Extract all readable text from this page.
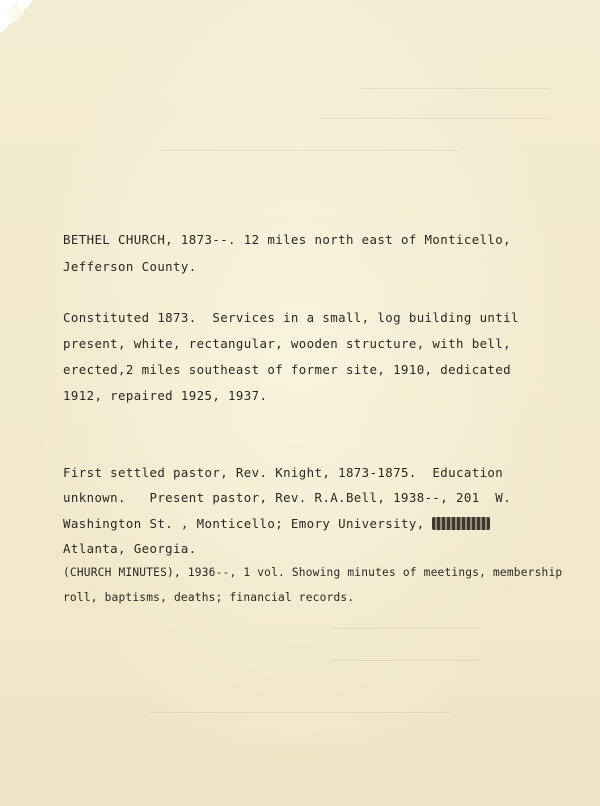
BETHEL CHURCH, 1873--. 12 miles north east of Monticello,

Jefferson County.

Constituted 1873.  Services in a small, log building until

present, white, rectangular, wooden structure, with bell,

erected,2 miles southeast of former site, 1910, dedicated

1912, repaired 1925, 1937.

First settled pastor, Rev. Knight, 1873-1875.  Education

unknown.   Present pastor, Rev. R.A.Bell, 1938--, 201  W.

Washington St. , Monticello; Emory University,

Atlanta, Georgia.

(CHURCH MINUTES), 1936--, 1 vol. Showing minutes of meetings, membership

roll, baptisms, deaths; financial records.
